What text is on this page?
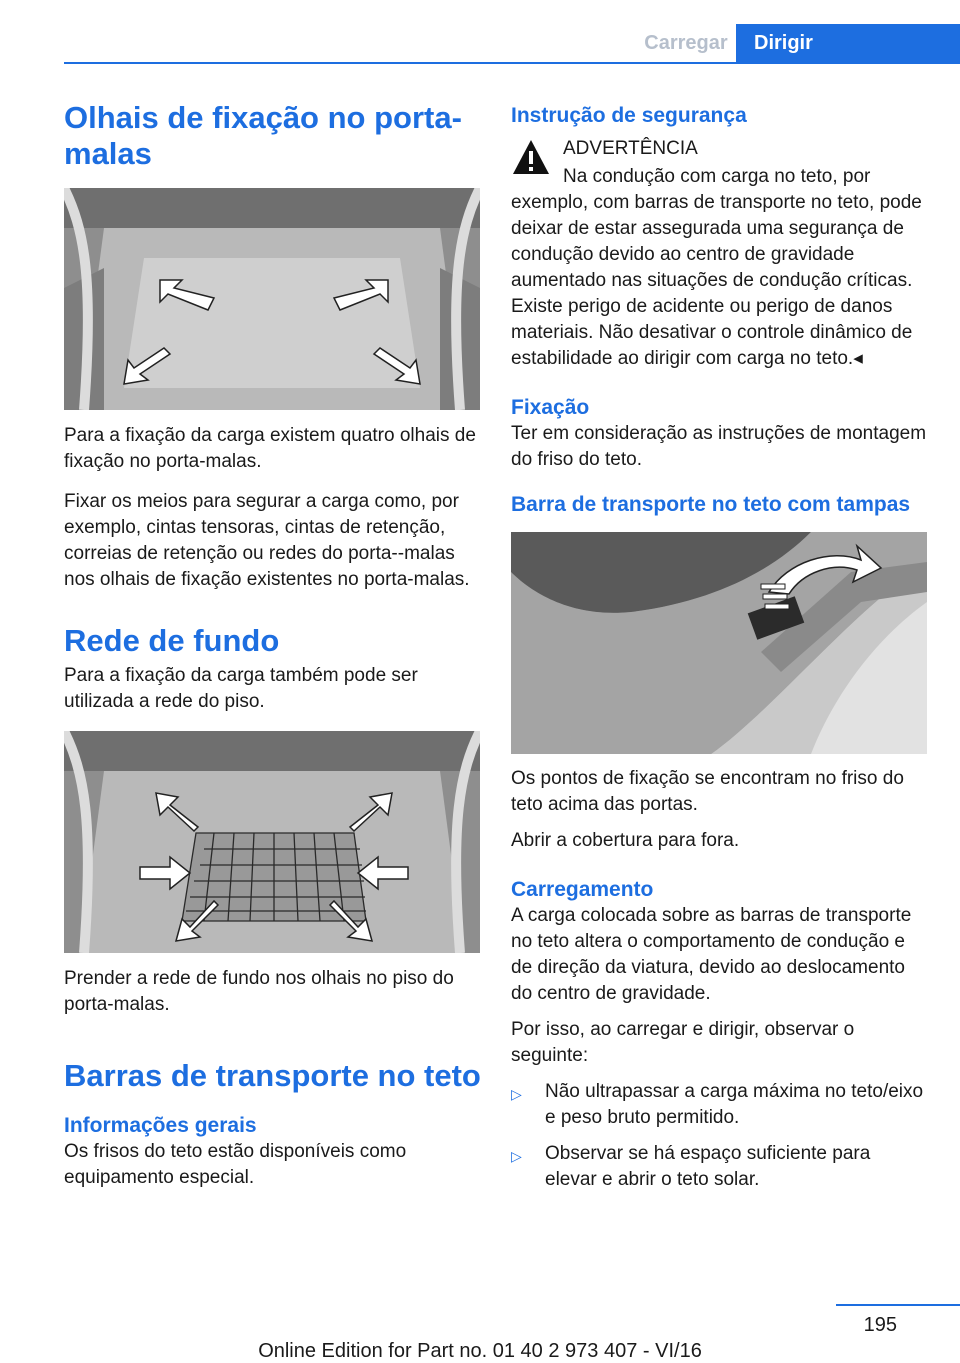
Carregar	Dirigir
Olhais de fixação no porta-malas

Para a fixação da carga existem quatro olhais de fixação no porta-malas.

Fixar os meios para segurar a carga como, por exemplo, cintas tensoras, cintas de retenção, correias de retenção ou redes do porta--malas nos olhais de fixação existentes no porta-malas.

Rede de fundo

Para a fixação da carga também pode ser utilizada a rede do piso.

Prender a rede de fundo nos olhais no piso do porta-malas.

Barras de transporte no teto
Informações gerais

Os frisos do teto estão disponíveis como equipamento especial.

Instrução de segurança

ADVERTÊNCIA

Na condução com carga no teto, por exemplo, com barras de transporte no teto, pode deixar de estar assegurada uma segurança de condução devido ao centro de gravidade aumentado nas situações de condução críticas. Existe perigo de acidente ou perigo de danos materiais. Não desativar o controle dinâmico de estabilidade ao dirigir com carga no teto.◂

Fixação

Ter em consideração as instruções de montagem do friso do teto.

Barra de transporte no teto com tampas

Os pontos de fixação se encontram no friso do teto acima das portas.

Abrir a cobertura para fora.

Carregamento

A carga colocada sobre as barras de transporte no teto altera o comportamento de condução e de direção da viatura, devido ao deslocamento do centro de gravidade.

Por isso, ao carregar e dirigir, observar o seguinte:

▷	Não ultrapassar a carga máxima no teto/eixo e peso bruto permitido.
▷	Observar se há espaço suficiente para elevar e abrir o teto solar.
195
Online Edition for Part no. 01 40 2 973 407 - VI/16
